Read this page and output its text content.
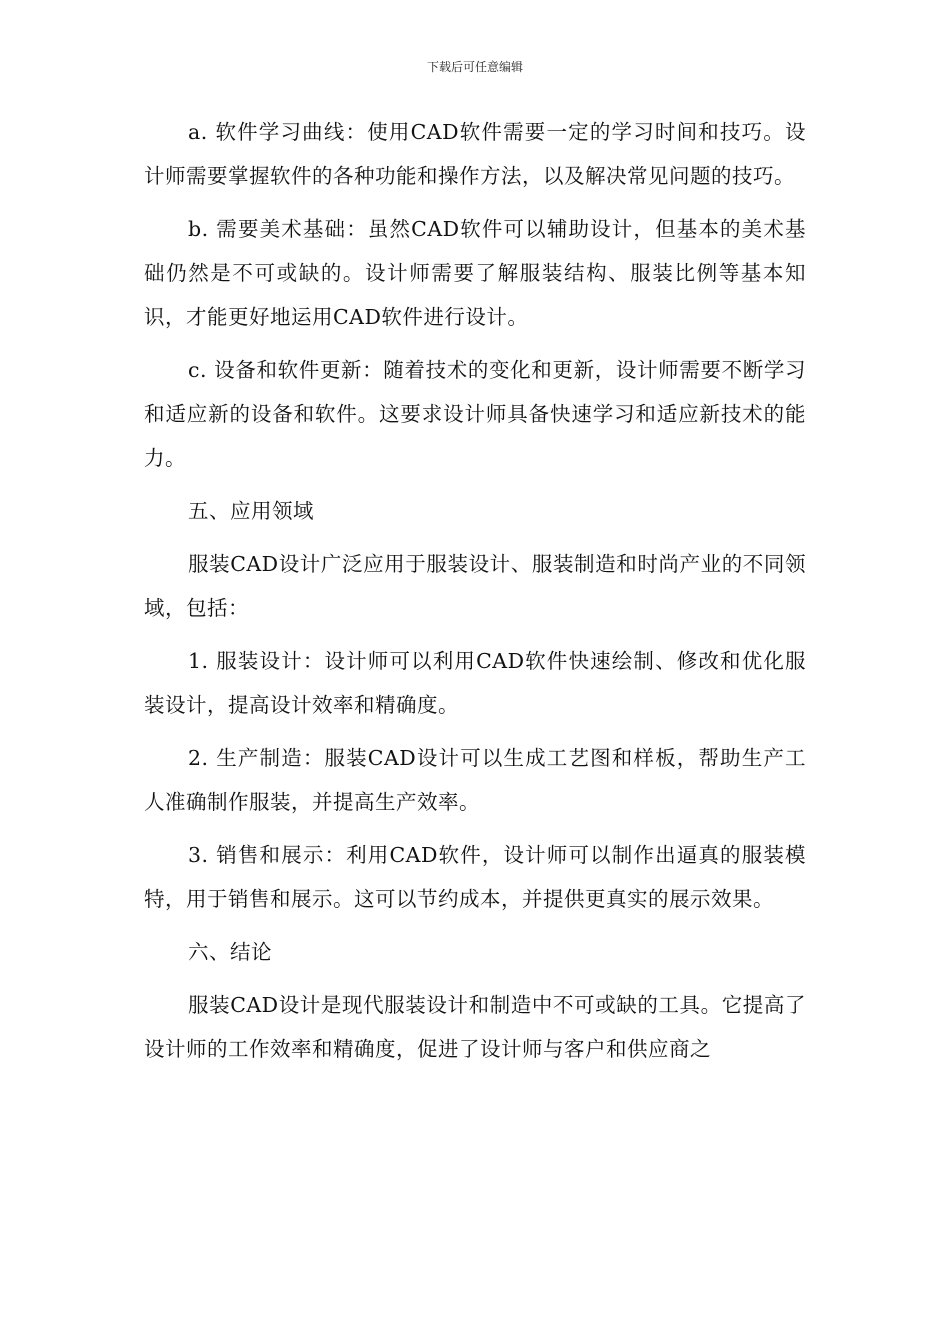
下载后可任意编辑

a. 软件学习曲线：使用CAD软件需要一定的学习时间和技巧。设计师需要掌握软件的各种功能和操作方法，以及解决常见问题的技巧。

b. 需要美术基础：虽然CAD软件可以辅助设计，但基本的美术基础仍然是不可或缺的。设计师需要了解服装结构、服装比例等基本知识，才能更好地运用CAD软件进行设计。

c. 设备和软件更新：随着技术的变化和更新，设计师需要不断学习和适应新的设备和软件。这要求设计师具备快速学习和适应新技术的能力。

五、应用领域

服装CAD设计广泛应用于服装设计、服装制造和时尚产业的不同领域，包括：

1. 服装设计：设计师可以利用CAD软件快速绘制、修改和优化服装设计，提高设计效率和精确度。

2. 生产制造：服装CAD设计可以生成工艺图和样板，帮助生产工人准确制作服装，并提高生产效率。

3. 销售和展示：利用CAD软件，设计师可以制作出逼真的服装模特，用于销售和展示。这可以节约成本，并提供更真实的展示效果。

六、结论

服装CAD设计是现代服装设计和制造中不可或缺的工具。它提高了设计师的工作效率和精确度，促进了设计师与客户和供应商之
